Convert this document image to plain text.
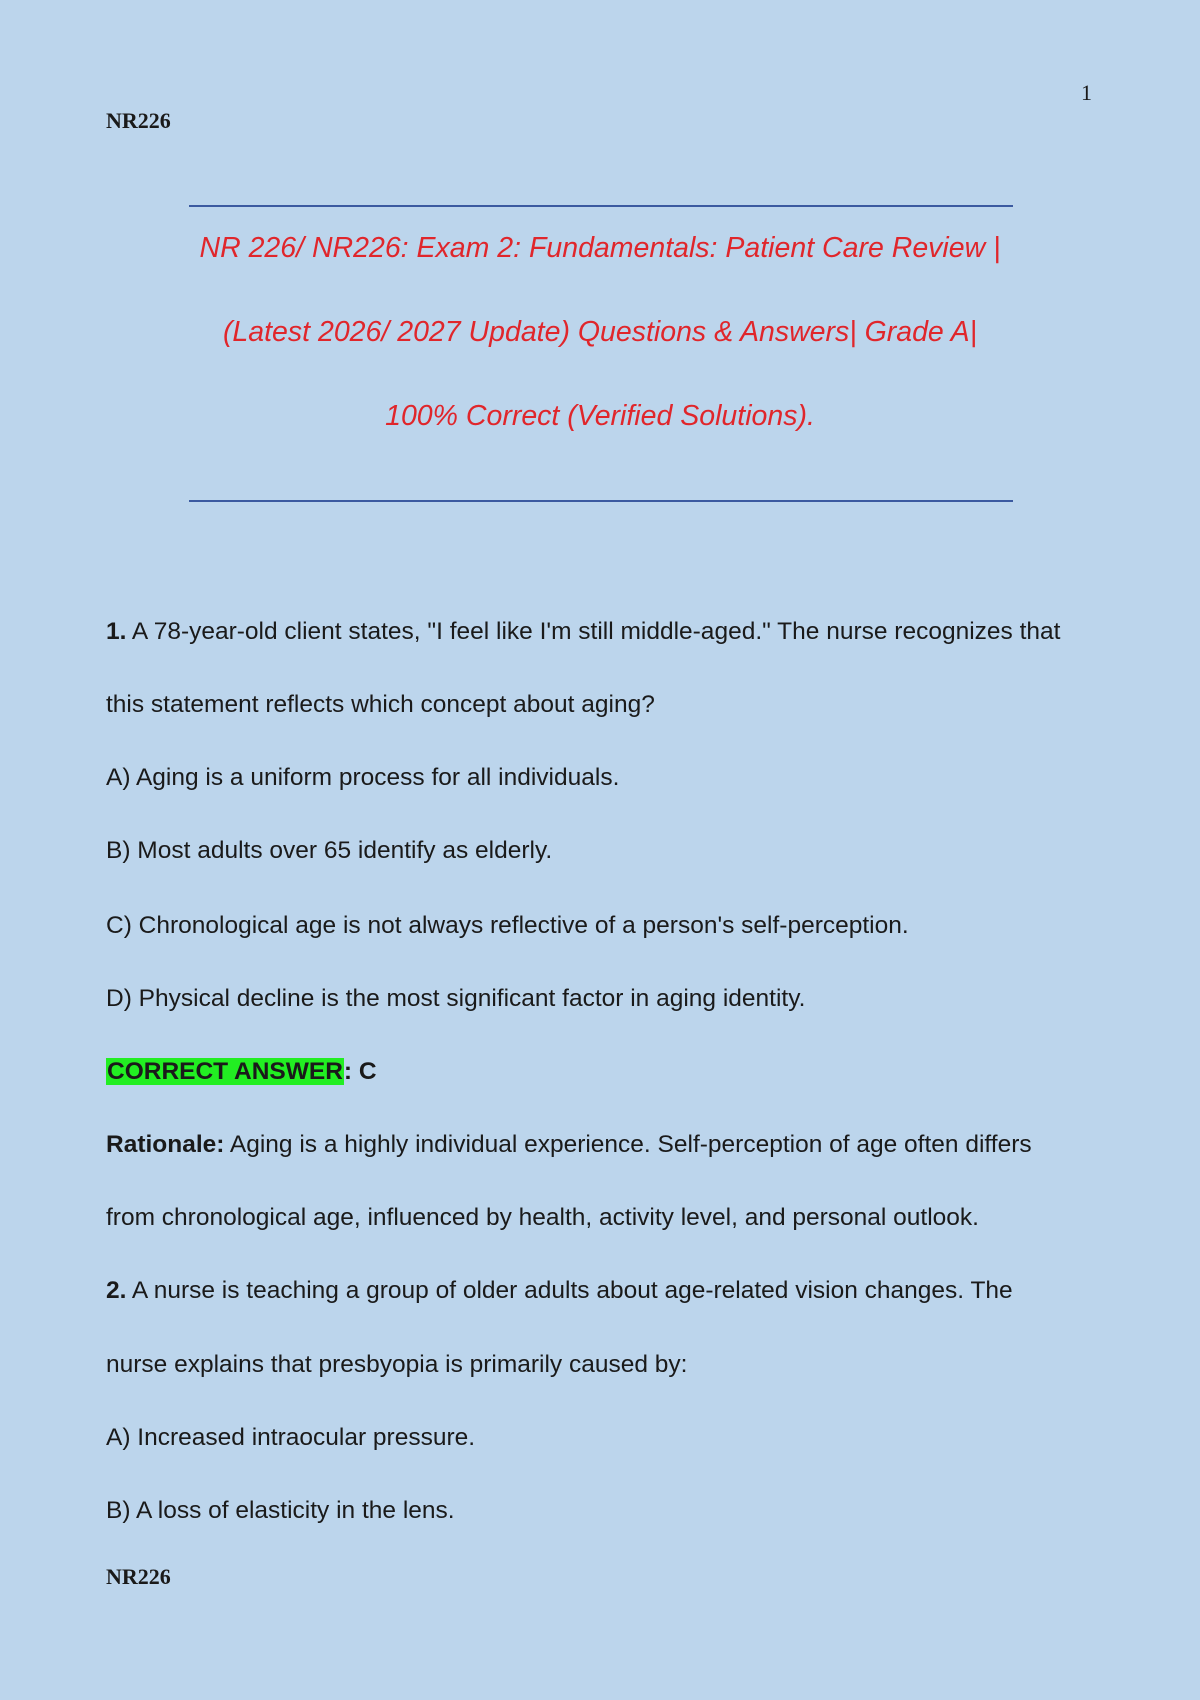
1
NR226
NR 226/ NR226: Exam 2: Fundamentals: Patient Care Review |
(Latest 2026/ 2027 Update) Questions & Answers| Grade A|
100% Correct (Verified Solutions).
1. A 78-year-old client states, "I feel like I'm still middle-aged." The nurse recognizes that
this statement reflects which concept about aging?
A) Aging is a uniform process for all individuals.
B) Most adults over 65 identify as elderly.
C) Chronological age is not always reflective of a person's self-perception.
D) Physical decline is the most significant factor in aging identity.
CORRECT ANSWER: C
Rationale: Aging is a highly individual experience. Self-perception of age often differs
from chronological age, influenced by health, activity level, and personal outlook.
2. A nurse is teaching a group of older adults about age-related vision changes. The
nurse explains that presbyopia is primarily caused by:
A) Increased intraocular pressure.
B) A loss of elasticity in the lens.
NR226
